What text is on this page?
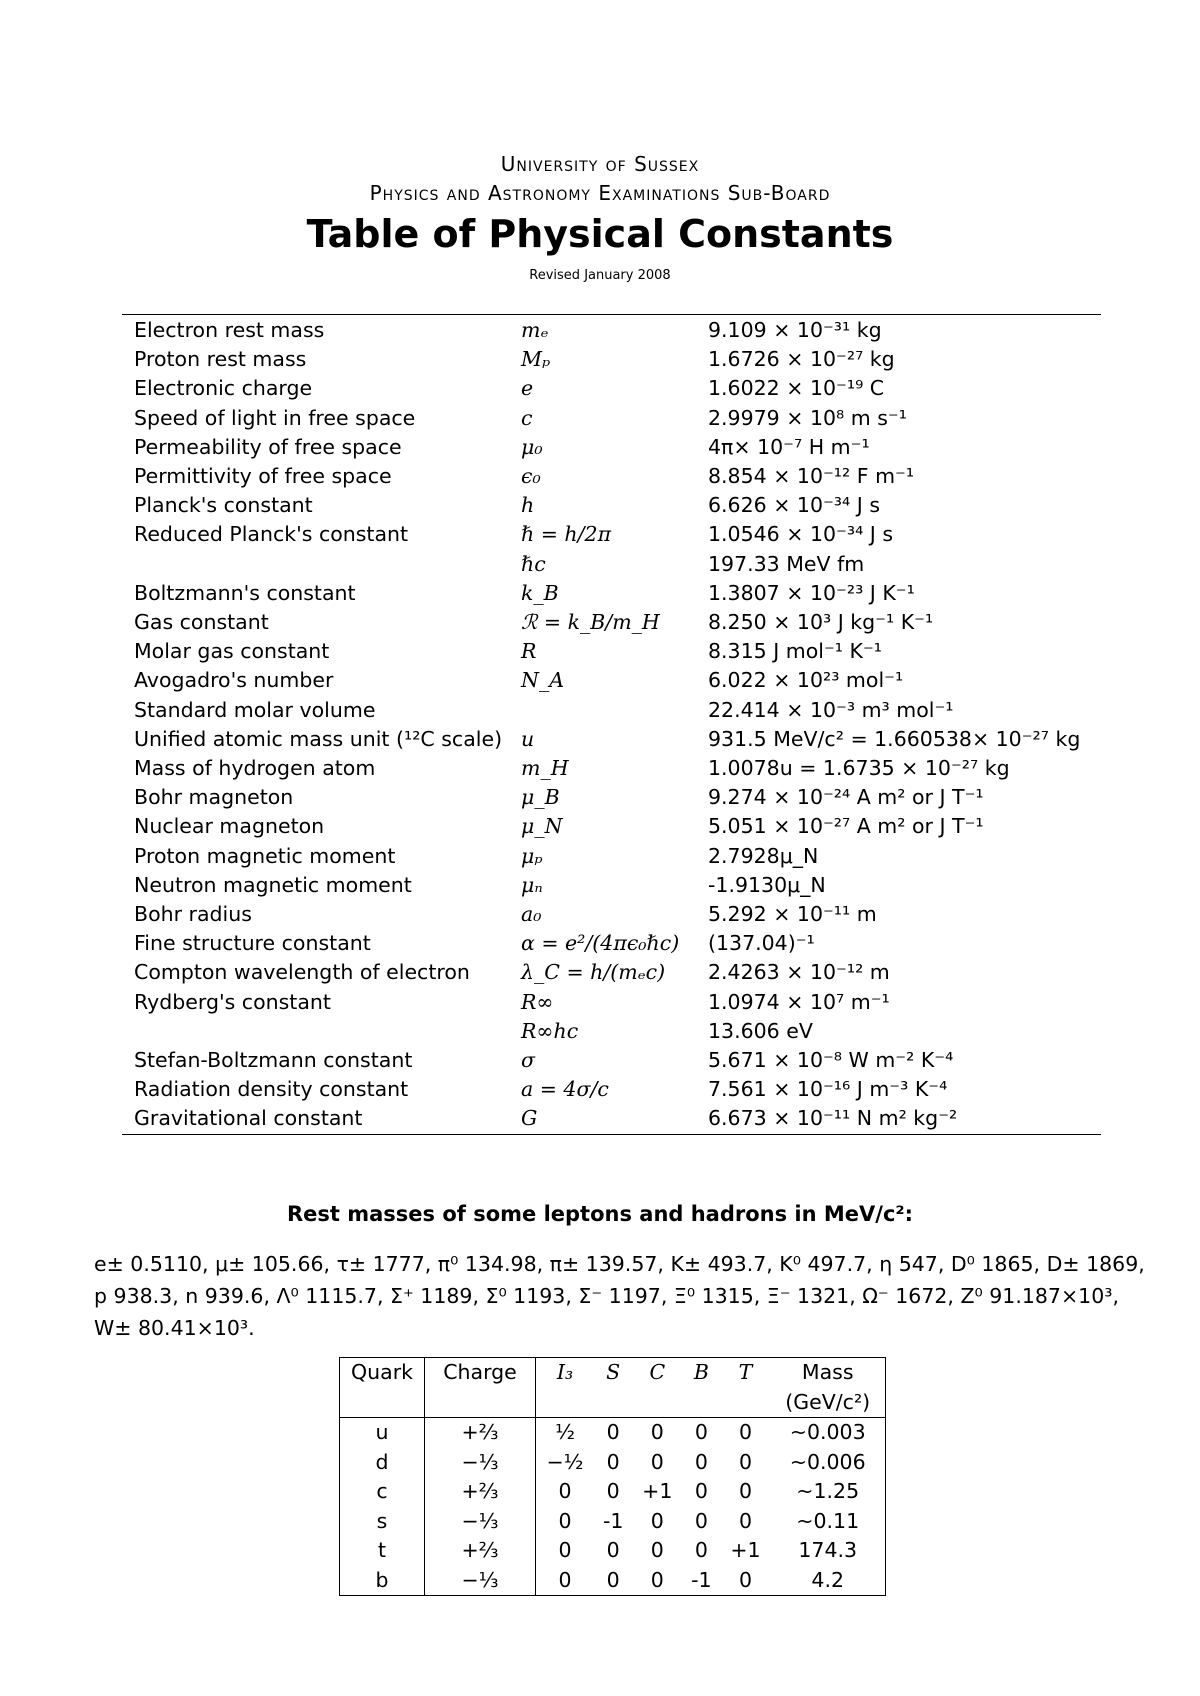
University of Sussex
Physics and Astronomy Examinations Sub-Board
Table of Physical Constants
Revised January 2008
Electron rest mass	mₑ	9.109 × 10⁻³¹ kg
Proton rest mass	Mₚ	1.6726 × 10⁻²⁷ kg
Electronic charge	e	1.6022 × 10⁻¹⁹ C
Speed of light in free space	c	2.9979 × 10⁸ m s⁻¹
Permeability of free space	μ₀	4π× 10⁻⁷ H m⁻¹
Permittivity of free space	ϵ₀	8.854 × 10⁻¹² F m⁻¹
Planck's constant	h	6.626 × 10⁻³⁴ J s
Reduced Planck's constant	ℏ = h/2π	1.0546 × 10⁻³⁴ J s
	ℏc	197.33 MeV fm
Boltzmann's constant	k_B	1.3807 × 10⁻²³ J K⁻¹
Gas constant	ℛ = k_B/m_H	8.250 × 10³ J kg⁻¹ K⁻¹
Molar gas constant	R	8.315 J mol⁻¹ K⁻¹
Avogadro's number	N_A	6.022 × 10²³ mol⁻¹
Standard molar volume		22.414 × 10⁻³ m³ mol⁻¹
Unified atomic mass unit (¹²C scale)	u	931.5 MeV/c² = 1.660538× 10⁻²⁷ kg
Mass of hydrogen atom	m_H	1.0078u = 1.6735 × 10⁻²⁷ kg
Bohr magneton	μ_B	9.274 × 10⁻²⁴ A m² or J T⁻¹
Nuclear magneton	μ_N	5.051 × 10⁻²⁷ A m² or J T⁻¹
Proton magnetic moment	μₚ	2.7928μ_N
Neutron magnetic moment	μₙ	-1.9130μ_N
Bohr radius	a₀	5.292 × 10⁻¹¹ m
Fine structure constant	α = e²/(4πϵ₀ℏc)	(137.04)⁻¹
Compton wavelength of electron	λ_C = h/(mₑc)	2.4263 × 10⁻¹² m
Rydberg's constant	R∞	1.0974 × 10⁷ m⁻¹
	R∞hc	13.606 eV
Stefan-Boltzmann constant	σ	5.671 × 10⁻⁸ W m⁻² K⁻⁴
Radiation density constant	a = 4σ/c	7.561 × 10⁻¹⁶ J m⁻³ K⁻⁴
Gravitational constant	G	6.673 × 10⁻¹¹ N m² kg⁻²
Rest masses of some leptons and hadrons in MeV/c²:
e± 0.5110, μ± 105.66, τ± 1777, π⁰ 134.98, π± 139.57, K± 493.7, K⁰ 497.7, η 547, D⁰ 1865, D± 1869,
p 938.3, n 939.6, Λ⁰ 1115.7, Σ⁺ 1189, Σ⁰ 1193, Σ⁻ 1197, Ξ⁰ 1315, Ξ⁻ 1321, Ω⁻ 1672, Z⁰ 91.187×10³,
W± 80.41×10³.
Quark	Charge	I₃	S	C	B	T	Mass
							(GeV/c²)
u	+⅔	½	0	0	0	0	~0.003
d	−⅓	−½	0	0	0	0	~0.006
c	+⅔	0	0	+1	0	0	~1.25
s	−⅓	0	-1	0	0	0	~0.11
t	+⅔	0	0	0	0	+1	174.3
b	−⅓	0	0	0	-1	0	4.2
